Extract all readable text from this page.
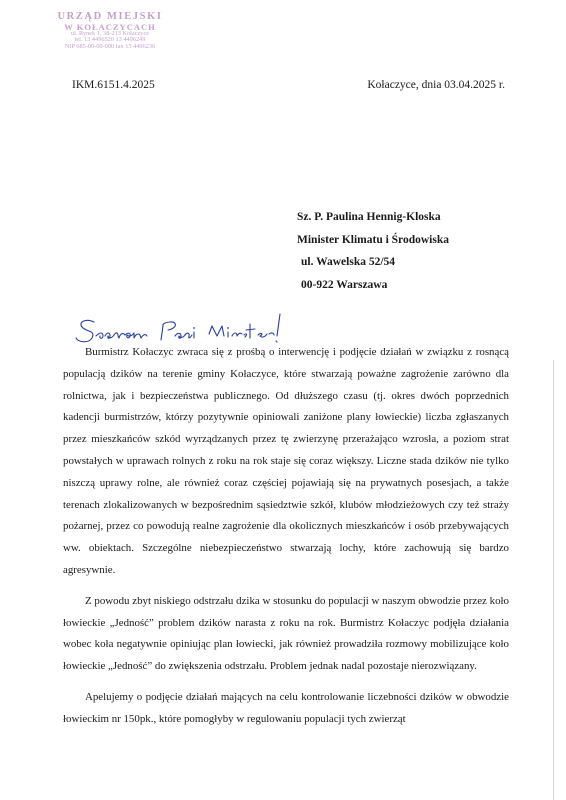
URZĄD MIEJSKI
W KOŁACZYCACH
ul. Rynek 1, 38-213 Kołaczyce
tel. 13 4496520 13 4496249
NIP 685-00-00-000 fax 13 4496236
IKM.6151.4.2025	Kołaczyce, dnia 03.04.2025 r.
Sz. P. Paulina Hennig-Kloska
Minister Klimatu i Środowiska
ul. Wawelska 52/54
00-922 Warszawa

Burmistrz Kołaczyc zwraca się z prośbą o interwencję i podjęcie działań w związku z rosnącą populacją dzików na terenie gminy Kołaczyce, które stwarzają poważne zagrożenie zarówno dla rolnictwa, jak i bezpieczeństwa publicznego. Od dłuższego czasu (tj. okres dwóch poprzednich kadencji burmistrzów, którzy pozytywnie opiniowali zaniżone plany łowieckie) liczba zgłaszanych przez mieszkańców szkód wyrządzanych przez tę zwierzynę przerażająco wzrosła, a poziom strat powstałych w uprawach rolnych z roku na rok staje się coraz większy. Liczne stada dzików nie tylko niszczą uprawy rolne, ale również coraz częściej pojawiają się na prywatnych posesjach, a także terenach zlokalizowanych w bezpośrednim sąsiedztwie szkół, klubów młodzieżowych czy też straży pożarnej, przez co powodują realne zagrożenie dla okolicznych mieszkańców i osób przebywających ww. obiektach. Szczególne niebezpieczeństwo stwarzają lochy, które zachowują się bardzo agresywnie.

Z powodu zbyt niskiego odstrzału dzika w stosunku do populacji w naszym obwodzie przez koło łowieckie „Jedność” problem dzików narasta z roku na rok. Burmistrz Kołaczyc podjęła działania wobec koła negatywnie opiniując plan łowiecki, jak również prowadziła rozmowy mobilizujące koło łowieckie „Jedność” do zwiększenia odstrzału. Problem jednak nadal pozostaje nierozwiązany.

Apelujemy o podjęcie działań mających na celu kontrolowanie liczebności dzików w obwodzie łowieckim nr 150pk., które pomogłyby w regulowaniu populacji tych zwierząt
